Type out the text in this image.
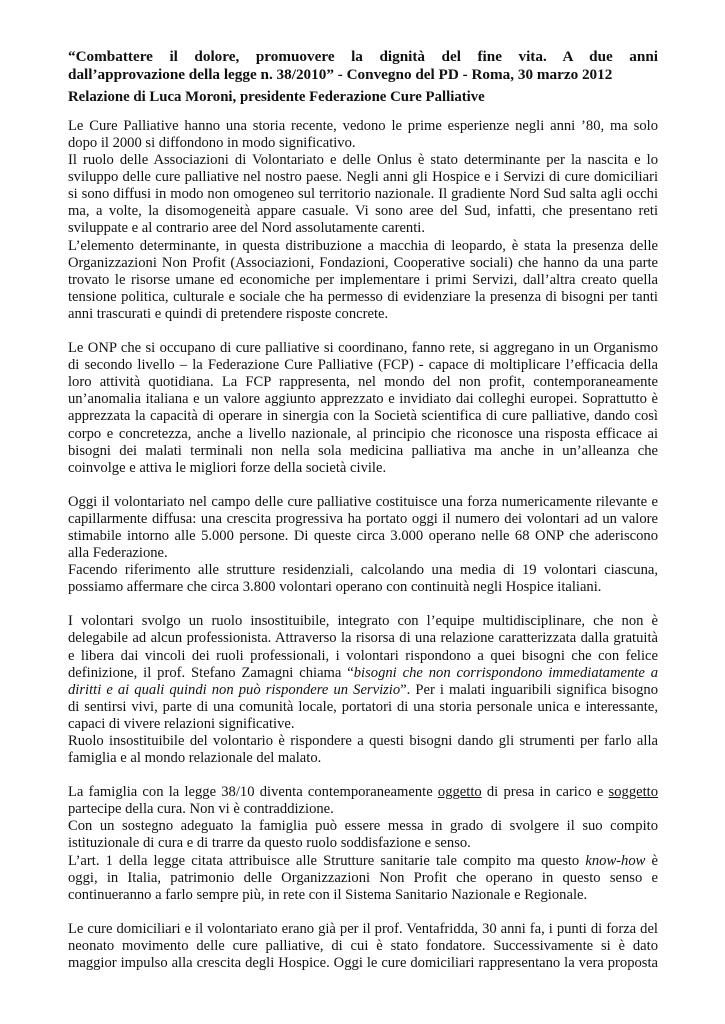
“Combattere il dolore, promuovere la dignità del fine vita. A due anni
dall’approvazione della legge n. 38/2010” - Convegno del PD - Roma, 30 marzo 2012
Relazione di Luca Moroni, presidente Federazione Cure Palliative
Le Cure Palliative hanno una storia recente, vedono le prime esperienze negli anni ’80, ma solo
dopo il 2000 si diffondono in modo significativo.
Il ruolo delle Associazioni di Volontariato e delle Onlus è stato determinante per la nascita e lo
sviluppo delle cure palliative nel nostro paese. Negli anni gli Hospice e i Servizi di cure domiciliari
si sono diffusi in modo non omogeneo sul territorio nazionale. Il gradiente Nord Sud salta agli occhi
ma, a volte, la disomogeneità appare casuale. Vi sono aree del Sud, infatti, che presentano reti
sviluppate e al contrario aree del Nord assolutamente carenti.
L’elemento determinante, in questa distribuzione a macchia di leopardo, è stata la presenza delle
Organizzazioni Non Profit (Associazioni, Fondazioni, Cooperative sociali) che hanno da una parte
trovato le risorse umane ed economiche per implementare i primi Servizi, dall’altra creato quella
tensione politica, culturale e sociale che ha permesso di evidenziare la presenza di bisogni per tanti
anni trascurati e quindi di pretendere risposte concrete.
Le ONP che si occupano di cure palliative si coordinano, fanno rete, si aggregano in un Organismo
di secondo livello – la Federazione Cure Palliative (FCP) - capace di moltiplicare l’efficacia della
loro attività quotidiana. La FCP rappresenta, nel mondo del non profit, contemporaneamente
un’anomalia italiana e un valore aggiunto apprezzato e invidiato dai colleghi europei. Soprattutto è
apprezzata la capacità di operare in sinergia con la Società scientifica di cure palliative, dando così
corpo e concretezza, anche a livello nazionale, al principio che riconosce una risposta efficace ai
bisogni dei malati terminali non nella sola medicina palliativa ma anche in un’alleanza che
coinvolge e attiva le migliori forze della società civile.
Oggi il volontariato nel campo delle cure palliative costituisce una forza numericamente rilevante e
capillarmente diffusa: una crescita progressiva ha portato oggi il numero dei volontari ad un valore
stimabile intorno alle 5.000 persone. Di queste circa 3.000 operano nelle 68 ONP che aderiscono
alla Federazione.
Facendo riferimento alle strutture residenziali, calcolando una media di 19 volontari ciascuna,
possiamo affermare che circa 3.800 volontari operano con continuità negli Hospice italiani.
I volontari svolgo un ruolo insostituibile, integrato con l’equipe multidisciplinare, che non è
delegabile ad alcun professionista. Attraverso la risorsa di una relazione caratterizzata dalla gratuità
e libera dai vincoli dei ruoli professionali, i volontari rispondono a quei bisogni che con felice
definizione, il prof. Stefano Zamagni chiama “bisogni che non corrispondono immediatamente a
diritti e ai quali quindi non può rispondere un Servizio”. Per i malati inguaribili significa bisogno
di sentirsi vivi, parte di una comunità locale, portatori di una storia personale unica e interessante,
capaci di vivere relazioni significative.
Ruolo insostituibile del volontario è rispondere a questi bisogni dando gli strumenti per farlo alla
famiglia e al mondo relazionale del malato.
La famiglia con la legge 38/10 diventa contemporaneamente oggetto di presa in carico e soggetto
partecipe della cura. Non vi è contraddizione.
Con un sostegno adeguato la famiglia può essere messa in grado di svolgere il suo compito
istituzionale di cura e di trarre da questo ruolo soddisfazione e senso.
L’art. 1 della legge citata attribuisce alle Strutture sanitarie tale compito ma questo know-how è
oggi, in Italia, patrimonio delle Organizzazioni Non Profit che operano in questo senso e
continueranno a farlo sempre più, in rete con il Sistema Sanitario Nazionale e Regionale.
Le cure domiciliari e il volontariato erano già per il prof. Ventafridda, 30 anni fa, i punti di forza del
neonato movimento delle cure palliative, di cui è stato fondatore. Successivamente si è dato
maggior impulso alla crescita degli Hospice. Oggi le cure domiciliari rappresentano la vera proposta
